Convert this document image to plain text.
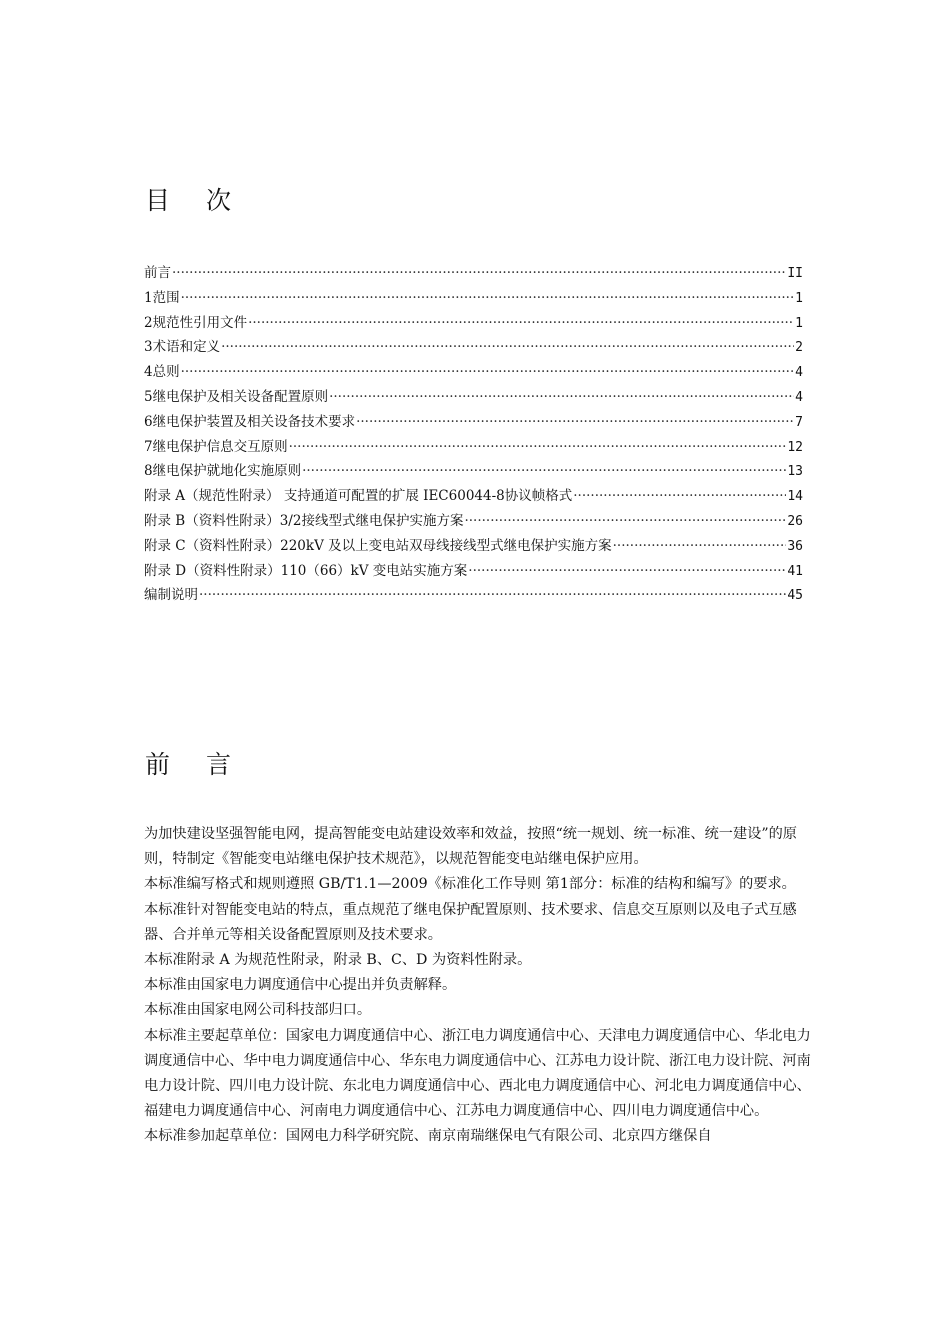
目 次
前言 ·····	II
1范围 ·····	1
2规范性引用文件 ·····	1
3术语和定义 ·····	2
4总则 ·····	4
5继电保护及相关设备配置原则 ·····	4
6继电保护装置及相关设备技术要求 ·····	7
7继电保护信息交互原则 ·····	12
8继电保护就地化实施原则 ·····	13
附录 A（规范性附录） 支持通道可配置的扩展 IEC60044-8协议帧格式 ·····	14
附录 B（资料性附录）3/2接线型式继电保护实施方案 ·····	26
附录 C（资料性附录）220kV 及以上变电站双母线接线型式继电保护实施方案 ·····	36
附录 D（资料性附录）110（66）kV 变电站实施方案 ·····	41
编制说明 ·····	45
前 言

为加快建设坚强智能电网，提高智能变电站建设效率和效益，按照“统一规划、统一标准、统一建设”的原则，特制定《智能变电站继电保护技术规范》，以规范智能变电站继电保护应用。

本标准编写格式和规则遵照 GB/T1.1—2009《标准化工作导则 第1部分：标准的结构和编写》的要求。

本标准针对智能变电站的特点，重点规范了继电保护配置原则、技术要求、信息交互原则以及电子式互感器、合并单元等相关设备配置原则及技术要求。

本标准附录 A 为规范性附录，附录 B、C、D 为资料性附录。

本标准由国家电力调度通信中心提出并负责解释。

本标准由国家电网公司科技部归口。

本标准主要起草单位：国家电力调度通信中心、浙江电力调度通信中心、天津电力调度通信中心、华北电力调度通信中心、华中电力调度通信中心、华东电力调度通信中心、江苏电力设计院、浙江电力设计院、河南电力设计院、四川电力设计院、东北电力调度通信中心、西北电力调度通信中心、河北电力调度通信中心、福建电力调度通信中心、河南电力调度通信中心、江苏电力调度通信中心、四川电力调度通信中心。

本标准参加起草单位：国网电力科学研究院、南京南瑞继保电气有限公司、北京四方继保自
